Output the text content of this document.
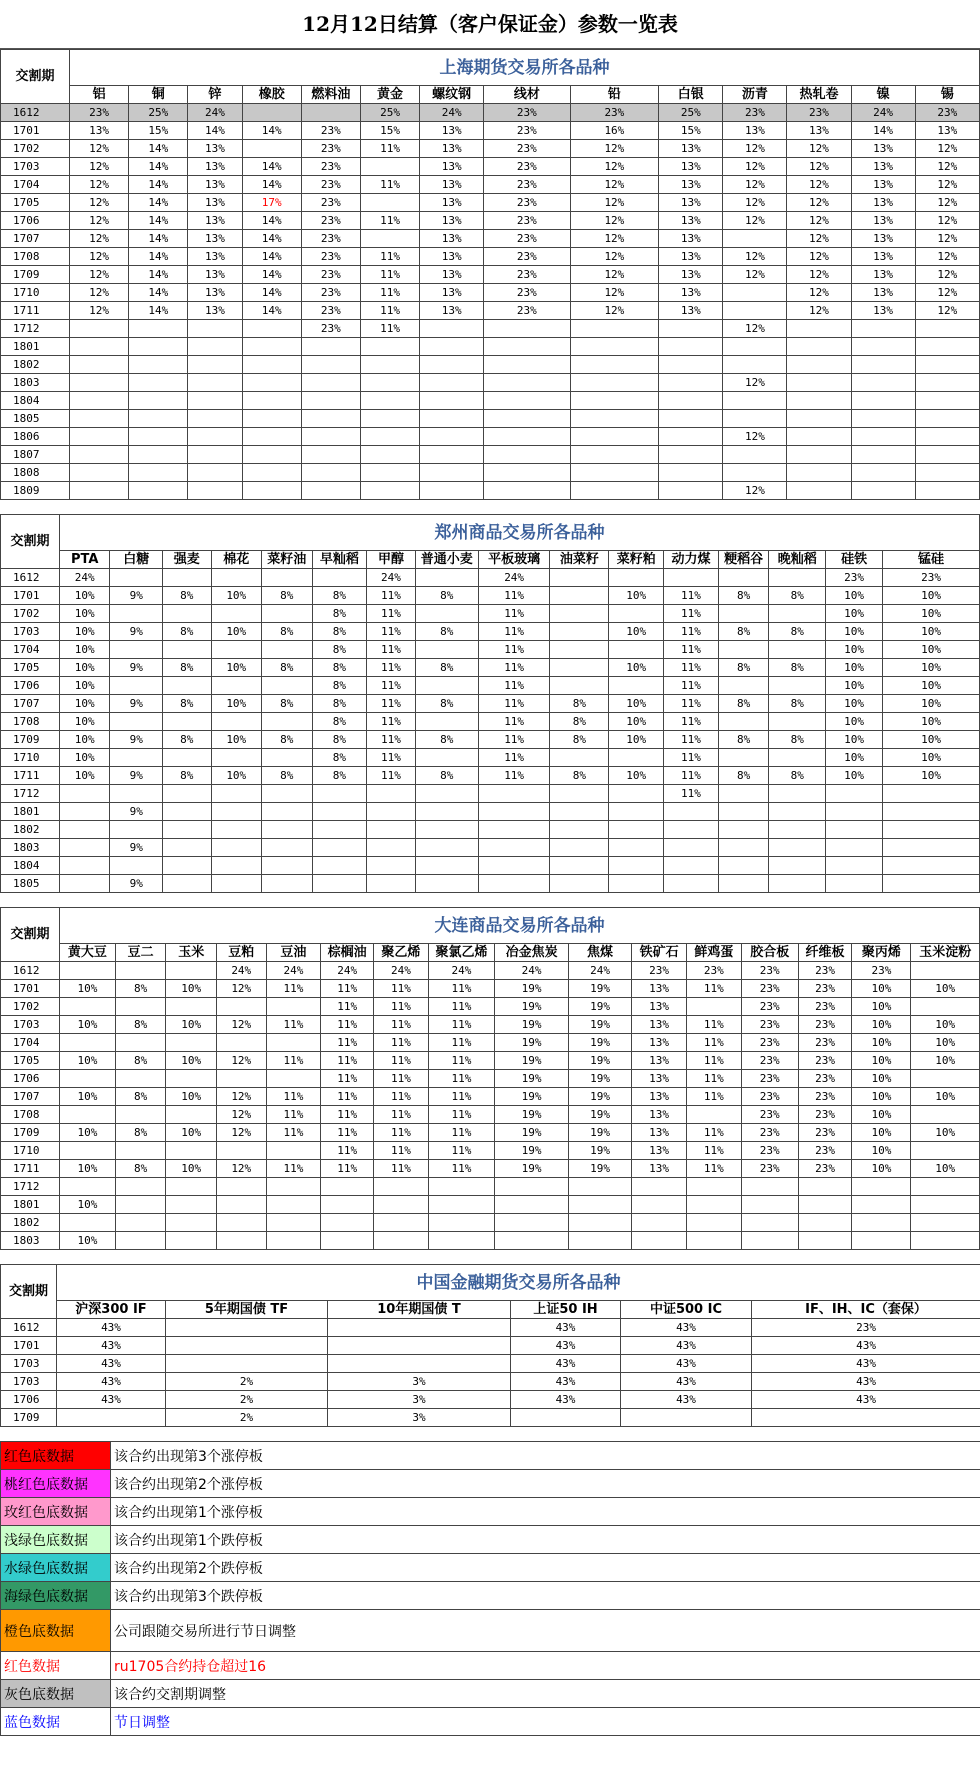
12月12日结算（客户保证金）参数一览表
交割期	上海期货交易所各品种													
	铝	铜	锌	橡胶	燃料油	黄金	螺纹钢	线材	铅	白银	沥青	热轧卷	镍	锡
1612	23%	25%	24%			25%	24%	23%	23%	25%	23%	23%	24%	23%
1701	13%	15%	14%	14%	23%	15%	13%	23%	16%	15%	13%	13%	14%	13%
1702	12%	14%	13%		23%	11%	13%	23%	12%	13%	12%	12%	13%	12%
1703	12%	14%	13%	14%	23%		13%	23%	12%	13%	12%	12%	13%	12%
1704	12%	14%	13%	14%	23%	11%	13%	23%	12%	13%	12%	12%	13%	12%
1705	12%	14%	13%	17%	23%		13%	23%	12%	13%	12%	12%	13%	12%
1706	12%	14%	13%	14%	23%	11%	13%	23%	12%	13%	12%	12%	13%	12%
1707	12%	14%	13%	14%	23%		13%	23%	12%	13%		12%	13%	12%
1708	12%	14%	13%	14%	23%	11%	13%	23%	12%	13%	12%	12%	13%	12%
1709	12%	14%	13%	14%	23%	11%	13%	23%	12%	13%	12%	12%	13%	12%
1710	12%	14%	13%	14%	23%	11%	13%	23%	12%	13%		12%	13%	12%
1711	12%	14%	13%	14%	23%	11%	13%	23%	12%	13%		12%	13%	12%
1712					23%	11%					12%			
1801														
1802														
1803											12%			
1804														
1805														
1806											12%			
1807														
1808														
1809											12%			
交割期	郑州商品交易所各品种															
	PTA	白糖	强麦	棉花	菜籽油	早籼稻	甲醇	普通小麦	平板玻璃	油菜籽	菜籽粕	动力煤	粳稻谷	晚籼稻	硅铁	锰硅
1612	24%						24%		24%						23%	23%
1701	10%	9%	8%	10%	8%	8%	11%	8%	11%		10%	11%	8%	8%	10%	10%
1702	10%					8%	11%		11%			11%			10%	10%
1703	10%	9%	8%	10%	8%	8%	11%	8%	11%		10%	11%	8%	8%	10%	10%
1704	10%					8%	11%		11%			11%			10%	10%
1705	10%	9%	8%	10%	8%	8%	11%	8%	11%		10%	11%	8%	8%	10%	10%
1706	10%					8%	11%		11%			11%			10%	10%
1707	10%	9%	8%	10%	8%	8%	11%	8%	11%	8%	10%	11%	8%	8%	10%	10%
1708	10%					8%	11%		11%	8%	10%	11%			10%	10%
1709	10%	9%	8%	10%	8%	8%	11%	8%	11%	8%	10%	11%	8%	8%	10%	10%
1710	10%					8%	11%		11%			11%			10%	10%
1711	10%	9%	8%	10%	8%	8%	11%	8%	11%	8%	10%	11%	8%	8%	10%	10%
1712												11%				
1801		9%														
1802																
1803		9%														
1804																
1805		9%														
交割期	大连商品交易所各品种															
	黄大豆	豆二	玉米	豆粕	豆油	棕榈油	聚乙烯	聚氯乙烯	冶金焦炭	焦煤	铁矿石	鲜鸡蛋	胶合板	纤维板	聚丙烯	玉米淀粉
1612				24%	24%	24%	24%	24%	24%	24%	23%	23%	23%	23%	23%	
1701	10%	8%	10%	12%	11%	11%	11%	11%	19%	19%	13%	11%	23%	23%	10%	10%
1702						11%	11%	11%	19%	19%	13%		23%	23%	10%	
1703	10%	8%	10%	12%	11%	11%	11%	11%	19%	19%	13%	11%	23%	23%	10%	10%
1704						11%	11%	11%	19%	19%	13%	11%	23%	23%	10%	10%
1705	10%	8%	10%	12%	11%	11%	11%	11%	19%	19%	13%	11%	23%	23%	10%	10%
1706						11%	11%	11%	19%	19%	13%	11%	23%	23%	10%	
1707	10%	8%	10%	12%	11%	11%	11%	11%	19%	19%	13%	11%	23%	23%	10%	10%
1708				12%	11%	11%	11%	11%	19%	19%	13%		23%	23%	10%	
1709	10%	8%	10%	12%	11%	11%	11%	11%	19%	19%	13%	11%	23%	23%	10%	10%
1710						11%	11%	11%	19%	19%	13%	11%	23%	23%	10%	
1711	10%	8%	10%	12%	11%	11%	11%	11%	19%	19%	13%	11%	23%	23%	10%	10%
1712																
1801	10%															
1802																
1803	10%															
交割期	中国金融期货交易所各品种					
	沪深300 IF	5年期国债 TF	10年期国债 T	上证50 IH	中证500 IC	IF、IH、IC（套保）
1612	43%			43%	43%	23%
1701	43%			43%	43%	43%
1703	43%			43%	43%	43%
1703	43%	2%	3%	43%	43%	43%
1706	43%	2%	3%	43%	43%	43%
1709		2%	3%			
红色底数据	该合约出现第3个涨停板
桃红色底数据	该合约出现第2个涨停板
玫红色底数据	该合约出现第1个涨停板
浅绿色底数据	该合约出现第1个跌停板
水绿色底数据	该合约出现第2个跌停板
海绿色底数据	该合约出现第3个跌停板
橙色底数据	公司跟随交易所进行节日调整
红色数据	ru1705合约持仓超过16
灰色底数据	该合约交割期调整
蓝色数据	节日调整
